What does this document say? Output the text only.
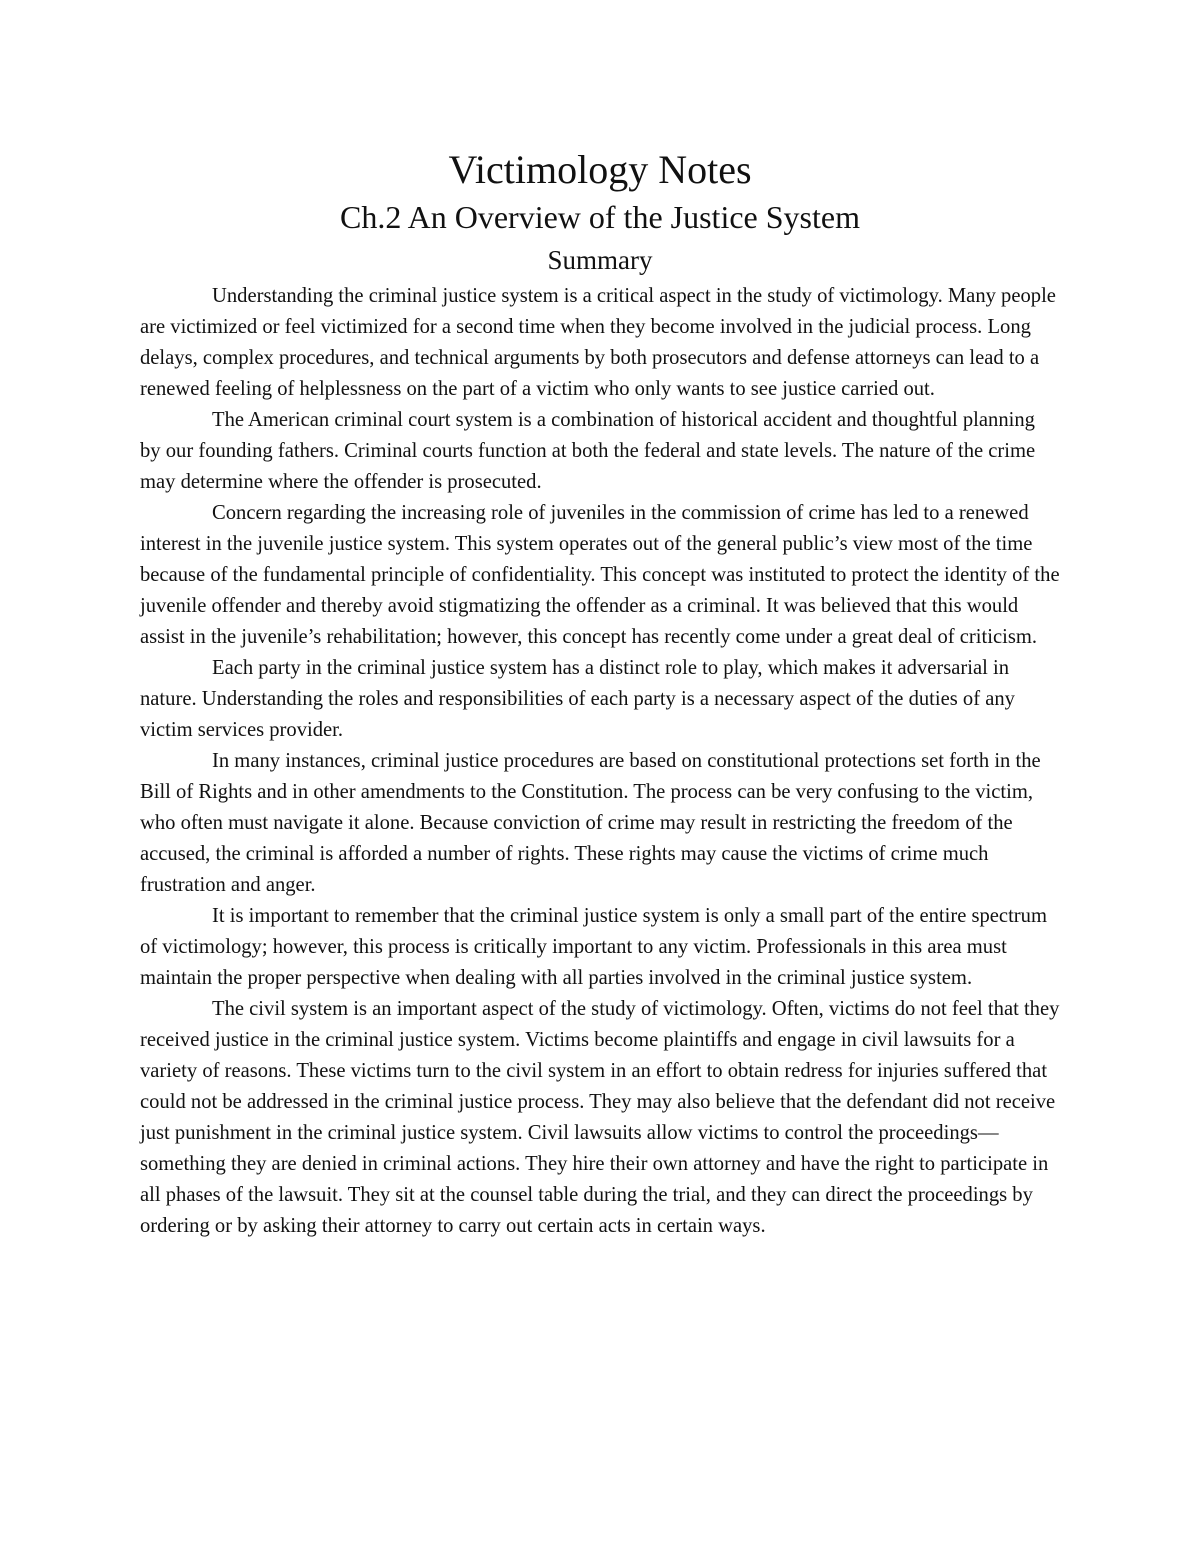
Victimology Notes
Ch.2 An Overview of the Justice System
Summary

Understanding the criminal justice system is a critical aspect in the study of victimology. Many people are victimized or feel victimized for a second time when they become involved in the judicial process. Long delays, complex procedures, and technical arguments by both prosecutors and defense attorneys can lead to a renewed feeling of helplessness on the part of a victim who only wants to see justice carried out.

The American criminal court system is a combination of historical accident and thoughtful planning by our founding fathers. Criminal courts function at both the federal and state levels. The nature of the crime may determine where the offender is prosecuted.

Concern regarding the increasing role of juveniles in the commission of crime has led to a renewed interest in the juvenile justice system. This system operates out of the general public’s view most of the time because of the fundamental principle of confidentiality. This concept was instituted to protect the identity of the juvenile offender and thereby avoid stigmatizing the offender as a criminal. It was believed that this would assist in the juvenile’s rehabilitation; however, this concept has recently come under a great deal of criticism.

Each party in the criminal justice system has a distinct role to play, which makes it adversarial in nature. Understanding the roles and responsibilities of each party is a necessary aspect of the duties of any victim services provider.

In many instances, criminal justice procedures are based on constitutional protections set forth in the Bill of Rights and in other amendments to the Constitution. The process can be very confusing to the victim, who often must navigate it alone. Because conviction of crime may result in restricting the freedom of the accused, the criminal is afforded a number of rights. These rights may cause the victims of crime much frustration and anger.

It is important to remember that the criminal justice system is only a small part of the entire spectrum of victimology; however, this process is critically important to any victim. Professionals in this area must maintain the proper perspective when dealing with all parties involved in the criminal justice system.

The civil system is an important aspect of the study of victimology. Often, victims do not feel that they received justice in the criminal justice system. Victims become plaintiffs and engage in civil lawsuits for a variety of reasons. These victims turn to the civil system in an effort to obtain redress for injuries suffered that could not be addressed in the criminal justice process. They may also believe that the defendant did not receive just punishment in the criminal justice system. Civil lawsuits allow victims to control the proceedings—something they are denied in criminal actions. They hire their own attorney and have the right to participate in all phases of the lawsuit. They sit at the counsel table during the trial, and they can direct the proceedings by ordering or by asking their attorney to carry out certain acts in certain ways.
